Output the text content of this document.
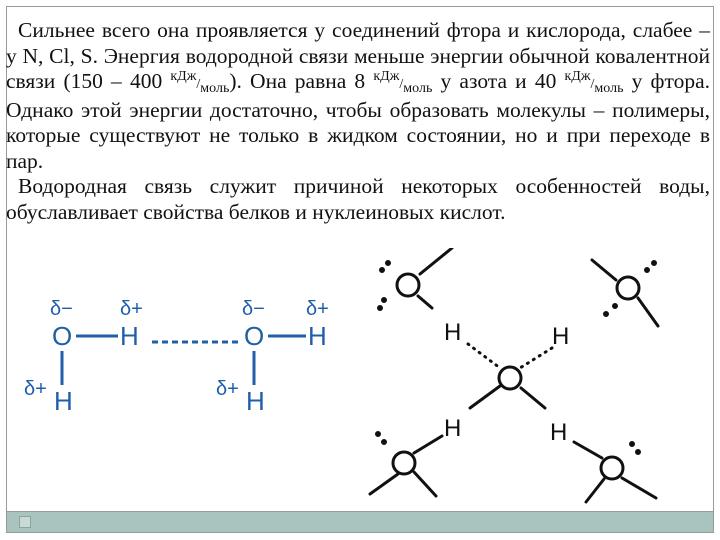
Сильнее всего она проявляется у соединений фтора и кислорода, слабее – у N, Cl, S. Энергия водородной связи меньше энергии обычной ковалентной связи (150 – 400 кДж/моль). Она равна 8 кДж/моль у азота и 40 кДж/моль у фтора. Однако этой энергии достаточно, чтобы образовать молекулы – полимеры, которые существуют не только в жидком состоянии, но и при переходе в пар.

Водородная связь служит причиной некоторых особенностей воды, обуславливает свойства белков и нуклеиновых кислот.

δ− δ+	δ− δ+
O H	O H
δ+ H	δ+ H
H	H
H	H
